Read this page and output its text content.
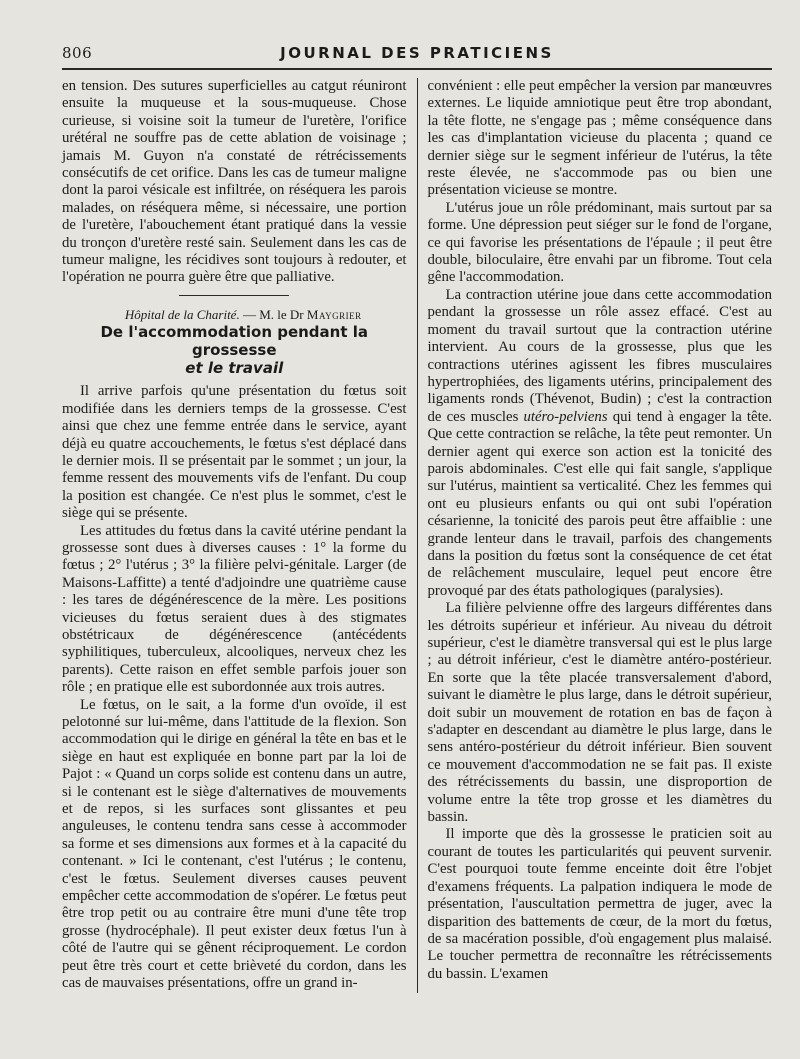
806	JOURNAL DES PRATICIENS

en tension. Des sutures superficielles au catgut réuniront ensuite la muqueuse et la sous-muqueuse. Chose curieuse, si voisine soit la tumeur de l'uretère, l'orifice urétéral ne souffre pas de cette ablation de voisinage ; jamais M. Guyon n'a constaté de rétrécissements consécutifs de cet orifice. Dans les cas de tumeur maligne dont la paroi vésicale est infiltrée, on réséquera les parois malades, on réséquera même, si nécessaire, une portion de l'uretère, l'abouchement étant pratiqué dans la vessie du tronçon d'uretère resté sain. Seulement dans les cas de tumeur maligne, les récidives sont toujours à redouter, et l'opération ne pourra guère être que palliative.

Hôpital de la Charité. — M. le Dr Maygrier

De l'accommodation pendant la grossesse
et le travail

Il arrive parfois qu'une présentation du fœtus soit modifiée dans les derniers temps de la grossesse. C'est ainsi que chez une femme entrée dans le service, ayant déjà eu quatre accouchements, le fœtus s'est déplacé dans le dernier mois. Il se présentait par le sommet ; un jour, la femme ressent des mouvements vifs de l'enfant. Du coup la position est changée. Ce n'est plus le sommet, c'est le siège qui se présente.

Les attitudes du fœtus dans la cavité utérine pendant la grossesse sont dues à diverses causes : 1° la forme du fœtus ; 2° l'utérus ; 3° la filière pelvi-génitale. Larger (de Maisons-Laffitte) a tenté d'adjoindre une quatrième cause : les tares de dégénérescence de la mère. Les positions vicieuses du fœtus seraient dues à des stigmates obstétricaux de dégénérescence (antécédents syphilitiques, tuberculeux, alcooliques, nerveux chez les parents). Cette raison en effet semble parfois jouer son rôle ; en pratique elle est subordonnée aux trois autres.

Le fœtus, on le sait, a la forme d'un ovoïde, il est pelotonné sur lui-même, dans l'attitude de la flexion. Son accommodation qui le dirige en général la tête en bas et le siège en haut est expliquée en bonne part par la loi de Pajot : « Quand un corps solide est contenu dans un autre, si le contenant est le siège d'alternatives de mouvements et de repos, si les surfaces sont glissantes et peu anguleuses, le contenu tendra sans cesse à accommoder sa forme et ses dimensions aux formes et à la capacité du contenant. » Ici le contenant, c'est l'utérus ; le contenu, c'est le fœtus. Seulement diverses causes peuvent empêcher cette accommodation de s'opérer. Le fœtus peut être trop petit ou au contraire être muni d'une tête trop grosse (hydrocéphale). Il peut exister deux fœtus l'un à côté de l'autre qui se gênent réciproquement. Le cordon peut être très court et cette brièveté du cordon, dans les cas de mauvaises présentations, offre un grand in-

convénient : elle peut empêcher la version par manœuvres externes. Le liquide amniotique peut être trop abondant, la tête flotte, ne s'engage pas ; même conséquence dans les cas d'implantation vicieuse du placenta ; quand ce dernier siège sur le segment inférieur de l'utérus, la tête reste élevée, ne s'accommode pas ou bien une présentation vicieuse se montre.

L'utérus joue un rôle prédominant, mais surtout par sa forme. Une dépression peut siéger sur le fond de l'organe, ce qui favorise les présentations de l'épaule ; il peut être double, biloculaire, être envahi par un fibrome. Tout cela gêne l'accommodation.

La contraction utérine joue dans cette accommodation pendant la grossesse un rôle assez effacé. C'est au moment du travail surtout que la contraction utérine intervient. Au cours de la grossesse, plus que les contractions utérines agissent les fibres musculaires hypertrophiées, des ligaments utérins, principalement des ligaments ronds (Thévenot, Budin) ; c'est la contraction de ces muscles utéro-pelviens qui tend à engager la tête. Que cette contraction se relâche, la tête peut remonter. Un dernier agent qui exerce son action est la tonicité des parois abdominales. C'est elle qui fait sangle, s'applique sur l'utérus, maintient sa verticalité. Chez les femmes qui ont eu plusieurs enfants ou qui ont subi l'opération césarienne, la tonicité des parois peut être affaiblie : une grande lenteur dans le travail, parfois des changements dans la position du fœtus sont la conséquence de cet état de relâchement musculaire, lequel peut encore être provoqué par des états pathologiques (paralysies).

La filière pelvienne offre des largeurs différentes dans les détroits supérieur et inférieur. Au niveau du détroit supérieur, c'est le diamètre transversal qui est le plus large ; au détroit inférieur, c'est le diamètre antéro-postérieur. En sorte que la tête placée transversalement d'abord, suivant le diamètre le plus large, dans le détroit supérieur, doit subir un mouvement de rotation en bas de façon à s'adapter en descendant au diamètre le plus large, dans le sens antéro-postérieur du détroit inférieur. Bien souvent ce mouvement d'accommodation ne se fait pas. Il existe des rétrécissements du bassin, une disproportion de volume entre la tête trop grosse et les diamètres du bassin.

Il importe que dès la grossesse le praticien soit au courant de toutes les particularités qui peuvent survenir. C'est pourquoi toute femme enceinte doit être l'objet d'examens fréquents. La palpation indiquera le mode de présentation, l'auscultation permettra de juger, avec la disparition des battements de cœur, de la mort du fœtus, de sa macération possible, d'où engagement plus malaisé. Le toucher permettra de reconnaître les rétrécissements du bassin. L'examen
